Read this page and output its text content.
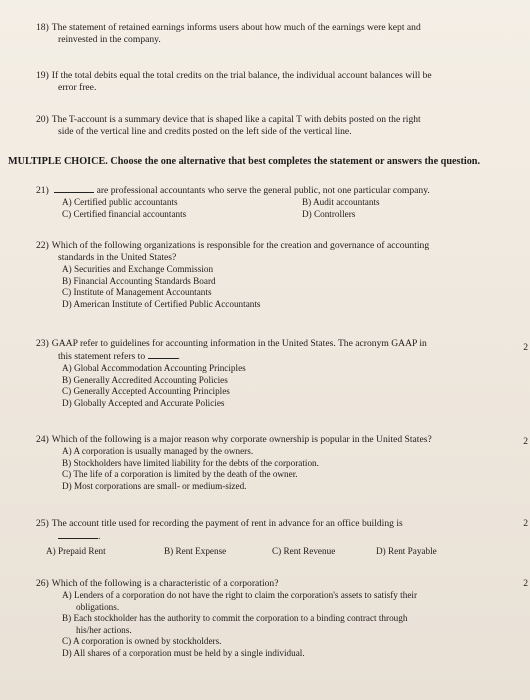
18) The statement of retained earnings informs users about how much of the earnings were kept and
reinvested in the company.
19) If the total debits equal the total credits on the trial balance, the individual account balances will be
error free.
20) The T-account is a summary device that is shaped like a capital T with debits posted on the right
side of the vertical line and credits posted on the left side of the vertical line.
MULTIPLE CHOICE. Choose the one alternative that best completes the statement or answers the question.
21)	are professional accountants who serve the general public, not one particular company.
A) Certified public accountants	B) Audit accountants
C) Certified financial accountants	D) Controllers
22) Which of the following organizations is responsible for the creation and governance of accounting
standards in the United States?
A) Securities and Exchange Commission
B) Financial Accounting Standards Board
C) Institute of Management Accountants
D) American Institute of Certified Public Accountants
23) GAAP refer to guidelines for accounting information in the United States. The acronym GAAP in
this statement refers to	.
A) Global Accommodation Accounting Principles
B) Generally Accredited Accounting Policies
C) Generally Accepted Accounting Principles
D) Globally Accepted and Accurate Policies
2
24) Which of the following is a major reason why corporate ownership is popular in the United States?
A) A corporation is usually managed by the owners.
B) Stockholders have limited liability for the debts of the corporation.
C) The life of a corporation is limited by the death of the owner.
D) Most corporations are small- or medium-sized.
2
25) The account title used for recording the payment of rent in advance for an office building is
.
A) Prepaid Rent	B) Rent Expense	C) Rent Revenue	D) Rent Payable
2
26) Which of the following is a characteristic of a corporation?
A) Lenders of a corporation do not have the right to claim the corporation's assets to satisfy their
obligations.
B) Each stockholder has the authority to commit the corporation to a binding contract through
his/her actions.
C) A corporation is owned by stockholders.
D) All shares of a corporation must be held by a single individual.
2
